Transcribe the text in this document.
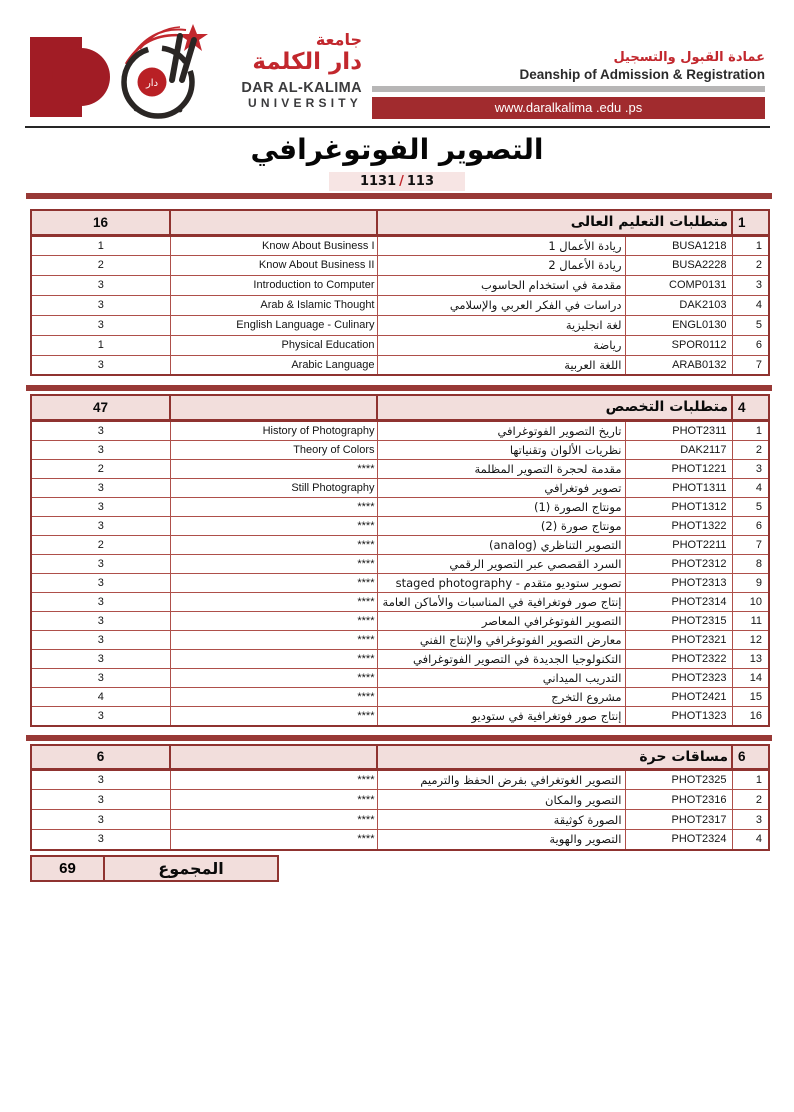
دار
جامعة
دار الكلمة
DAR AL-KALIMA
UNIVERSITY
عمادة القبول والتسجيل
Deanship of Admission & Registration
www.daralkalima .edu .ps
التصوير الفوتوغرافي
1131 / 113
1	متطلبات التعليم العالى			16
1	BUSA1218	ريادة الأعمال 1	Know About Business I	1
2	BUSA2228	ريادة الأعمال 2	Know About Business II	2
3	COMP0131	مقدمة في استخدام الحاسوب	Introduction to Computer	3
4	DAK2103	دراسات في الفكر العربي والإسلامي	Arab & Islamic Thought	3
5	ENGL0130	لغة انجليزية	English Language - Culinary	3
6	SPOR0112	رياضة	Physical Education	1
7	ARAB0132	اللغة العربية	Arabic Language	3
4	متطلبات التخصص			47
1	PHOT2311	تاريخ التصوير الفوتوغرافي	History of Photography	3
2	DAK2117	نظريات الألوان وتقنياتها	Theory of Colors	3
3	PHOT1221	مقدمة لحجرة التصوير المظلمة	****	2
4	PHOT1311	تصوير فوتغرافي	Still Photography	3
5	PHOT1312	مونتاج الصورة (1)	****	3
6	PHOT1322	مونتاج صورة (2)	****	3
7	PHOT2211	التصوير التناظري (analog)	****	2
8	PHOT2312	السرد القصصي عبر التصوير الرقمي	****	3
9	PHOT2313	تصوير ستوديو متقدم - staged photography	****	3
10	PHOT2314	إنتاج صور فوتغرافية في المناسبات والأماكن العامة	****	3
11	PHOT2315	التصوير الفوتوغرافي المعاصر	****	3
12	PHOT2321	معارض التصوير الفوتوغرافي والإنتاج الفني	****	3
13	PHOT2322	التكنولوجيا الجديدة في التصوير الفوتوغرافي	****	3
14	PHOT2323	التدريب الميداني	****	3
15	PHOT2421	مشروع التخرج	****	4
16	PHOT1323	إنتاج صور فوتغرافية في ستوديو	****	3
6	مساقات حرة			6
1	PHOT2325	التصوير الغوتغرافي بفرض الحفظ والترميم	****	3
2	PHOT2316	التصوير والمكان	****	3
3	PHOT2317	الصورة كوثيقة	****	3
4	PHOT2324	التصوير والهوية	****	3
69	المجموع
